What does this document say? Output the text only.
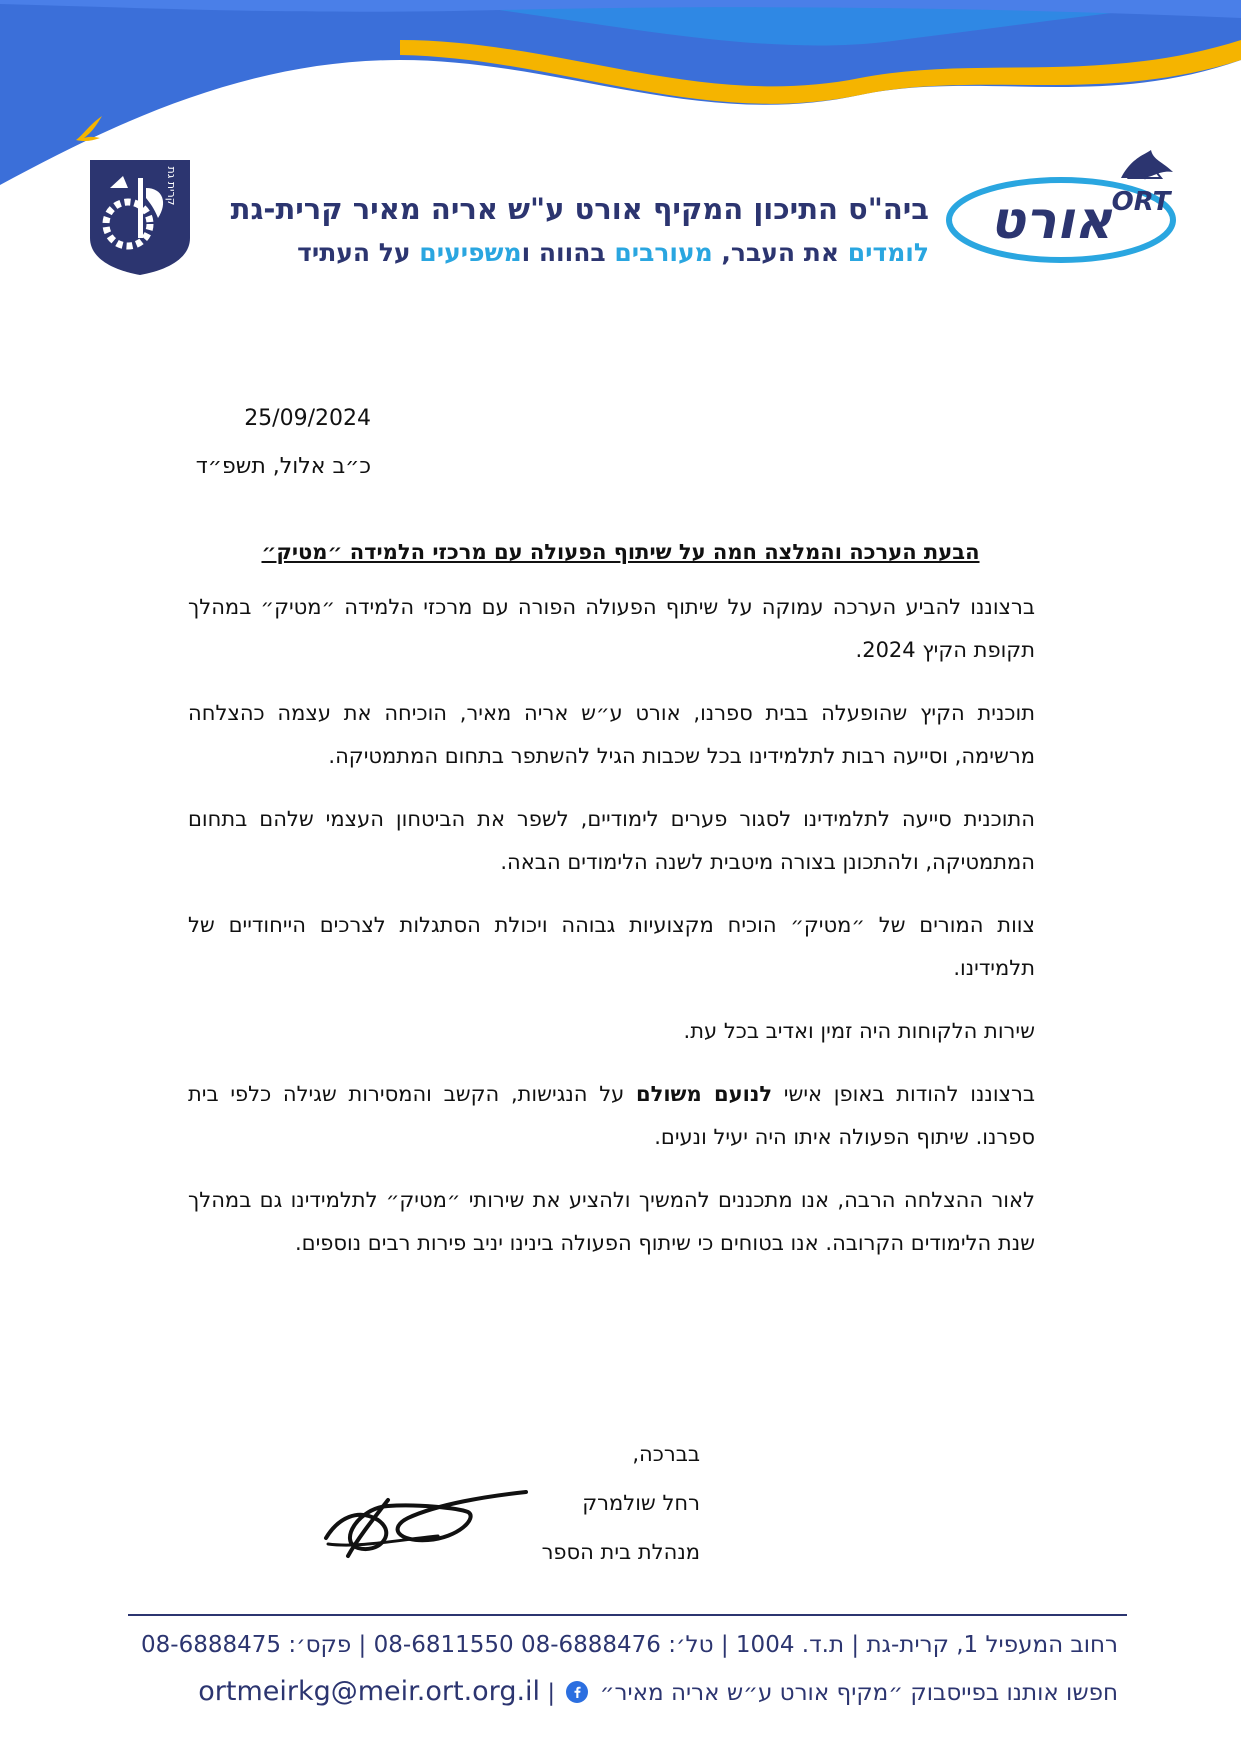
קרית גת
אורט ORT
ביה"ס התיכון המקיף אורט ע"ש אריה מאיר קרית-גת
לומדים את העבר, מעורבים בהווה ומשפיעים על העתיד
25/09/2024
כ״ב אלול, תשפ״ד
הבעת הערכה והמלצה חמה על שיתוף הפעולה עם מרכזי הלמידה ״מטיק״

ברצוננו להביע הערכה עמוקה על שיתוף הפעולה הפורה עם מרכזי הלמידה ״מטיק״ במהלך תקופת הקיץ 2024.

תוכנית הקיץ שהופעלה בבית ספרנו, אורט ע״ש אריה מאיר, הוכיחה את עצמה כהצלחה מרשימה, וסייעה רבות לתלמידינו בכל שכבות הגיל להשתפר בתחום המתמטיקה.

התוכנית סייעה לתלמידינו לסגור פערים לימודיים, לשפר את הביטחון העצמי שלהם בתחום המתמטיקה, ולהתכונן בצורה מיטבית לשנה הלימודים הבאה.

צוות המורים של ״מטיק״ הוכיח מקצועיות גבוהה ויכולת הסתגלות לצרכים הייחודיים של תלמידינו.

שירות הלקוחות היה זמין ואדיב בכל עת.

ברצוננו להודות באופן אישי לנועם משולם על הנגישות, הקשב והמסירות שגילה כלפי בית ספרנו. שיתוף הפעולה איתו היה יעיל ונעים.

לאור ההצלחה הרבה, אנו מתכננים להמשיך ולהציע את שירותי ״מטיק״ לתלמידינו גם במהלך שנת הלימודים הקרובה. אנו בטוחים כי שיתוף הפעולה בינינו יניב פירות רבים נוספים.

בברכה,
רחל שולמרק
מנהלת בית הספר
רחוב המעפיל 1, קרית-גת | ת.ד. 1004 | טל׳: 08-6888476 08-6811550 | פקס׳: 08-6888475
חפשו אותנו בפייסבוק ״מקיף אורט ע״ש אריה מאיר״  | ortmeirkg@meir.ort.org.il
